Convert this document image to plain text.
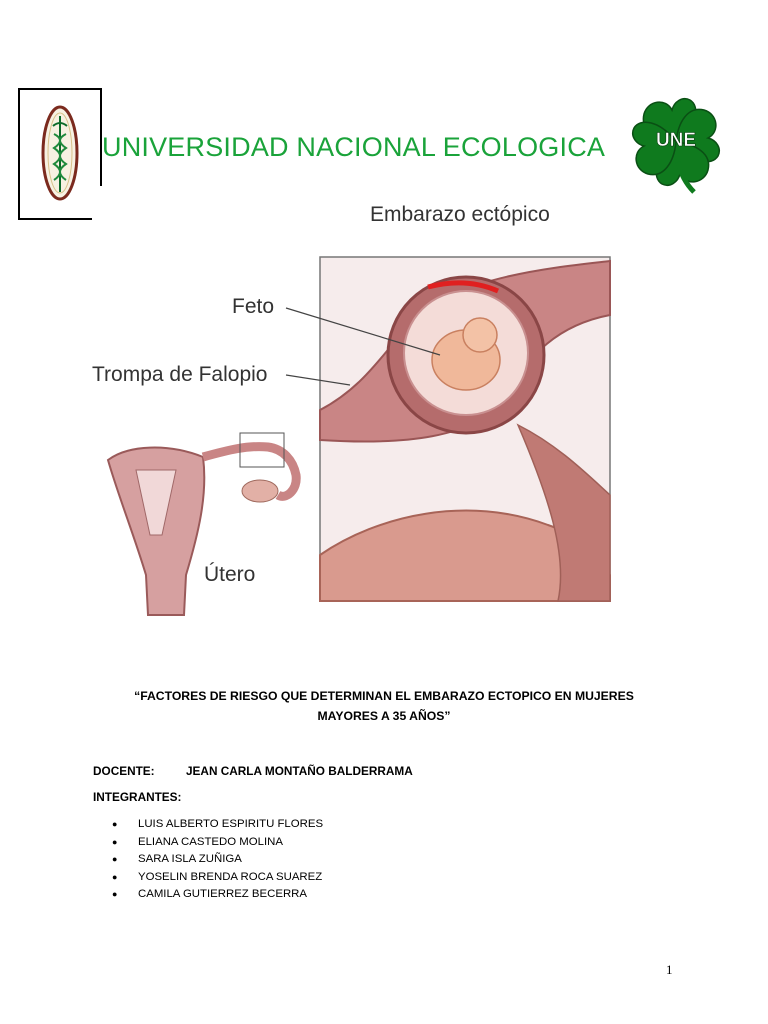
UNIVERSIDAD NACIONAL ECOLOGICA	UNE
Embarazo ectópico
Feto
Trompa de Falopio
Útero
“FACTORES DE RIESGO QUE DETERMINAN EL EMBARAZO ECTOPICO EN MUJERES
MAYORES A 35 AÑOS”
DOCENTE:	JEAN CARLA MONTAÑO BALDERRAMA
INTEGRANTES:
●	LUIS ALBERTO ESPIRITU FLORES
●	ELIANA CASTEDO MOLINA
●	SARA ISLA ZUÑIGA
●	YOSELIN BRENDA ROCA SUAREZ
●	CAMILA GUTIERREZ BECERRA
1
